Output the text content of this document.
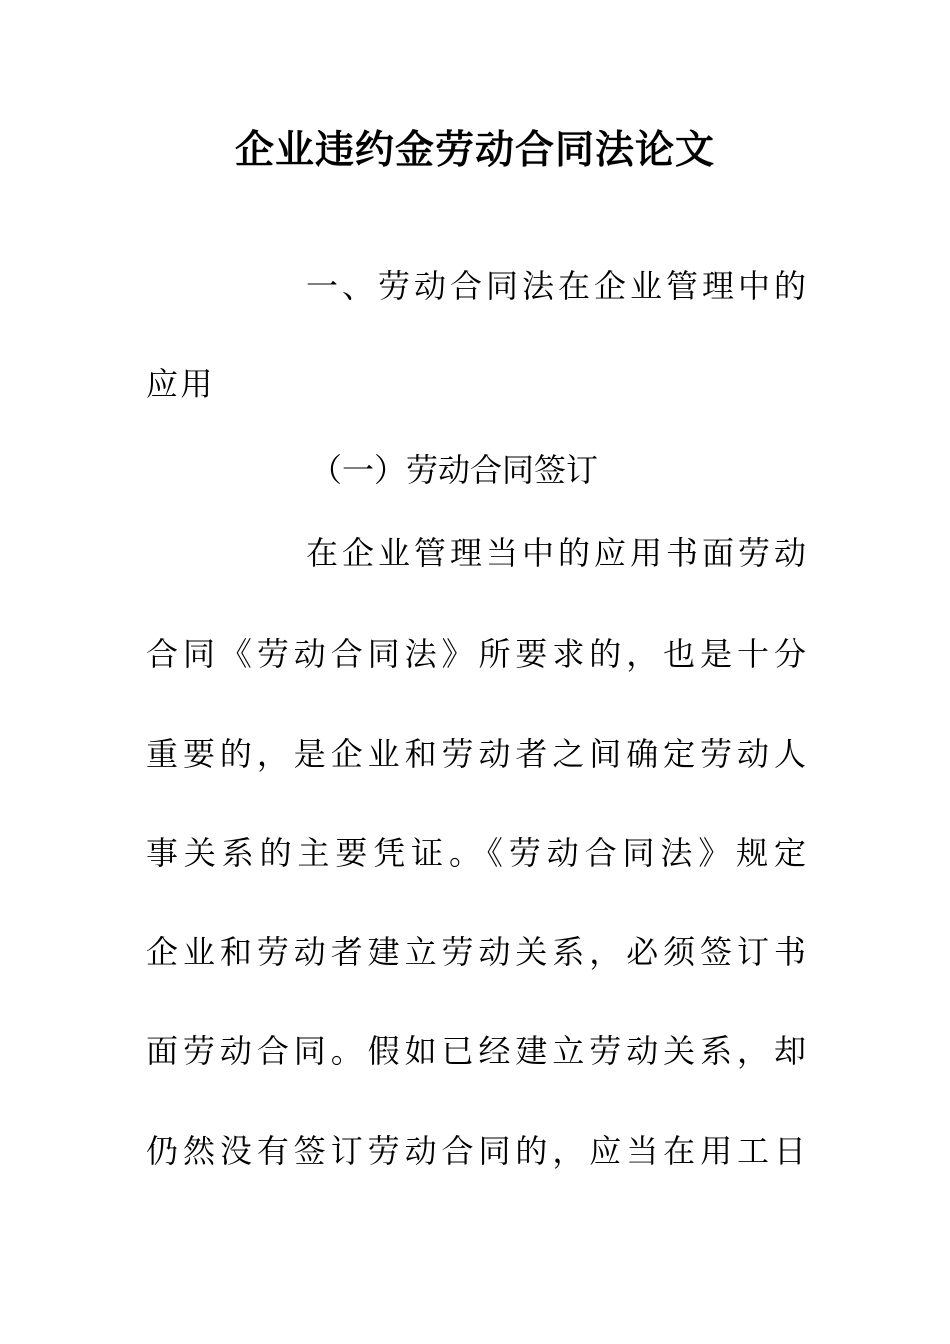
企业违约金劳动合同法论文
一、劳动合同法在企业管理中的
应用
（一）劳动合同签订
在企业管理当中的应用书面劳动
合同《劳动合同法》所要求的，也是十分
重要的，是企业和劳动者之间确定劳动人
事关系的主要凭证。《劳动合同法》规定
企业和劳动者建立劳动关系，必须签订书
面劳动合同。假如已经建立劳动关系，却
仍然没有签订劳动合同的，应当在用工日
